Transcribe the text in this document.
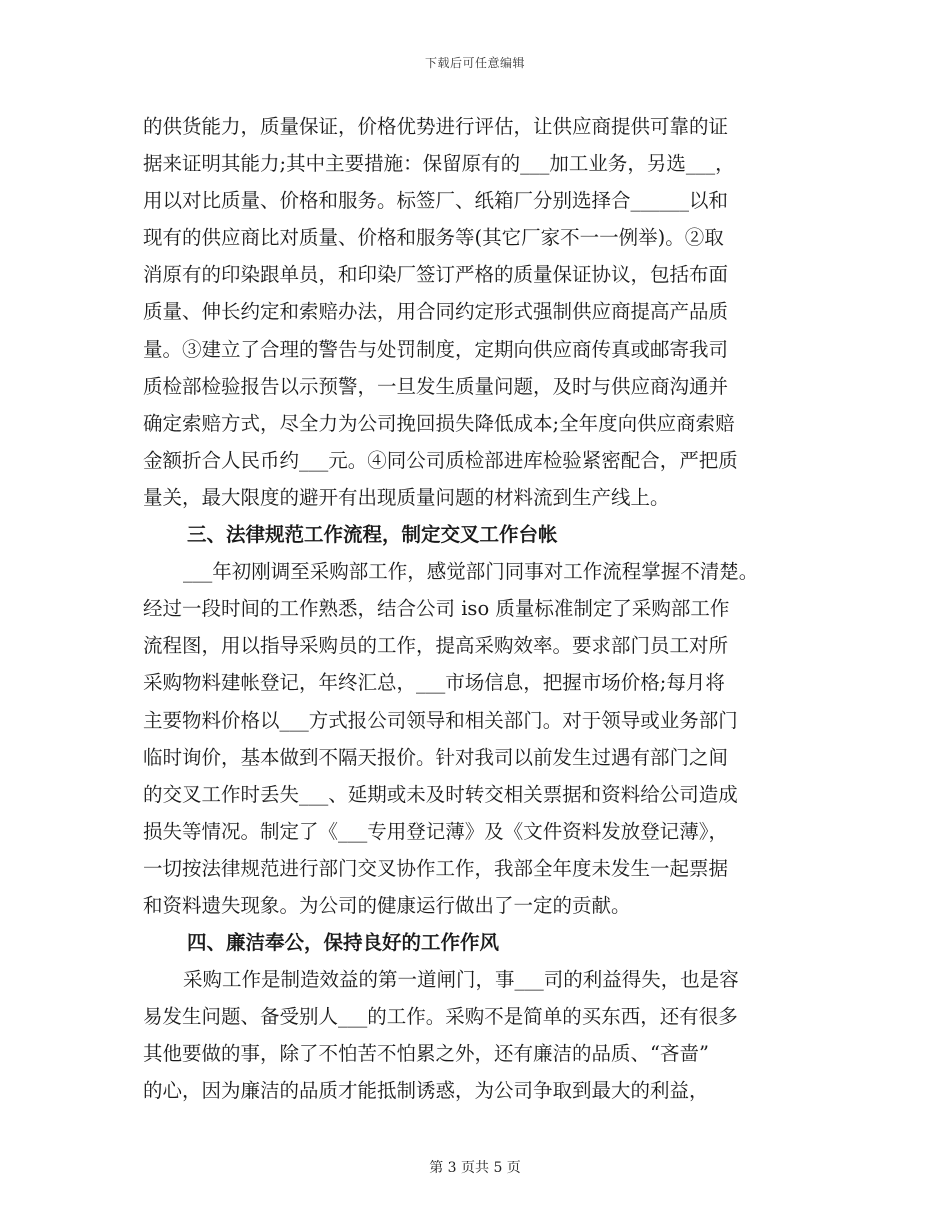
下载后可任意编辑
的供货能力，质量保证，价格优势进行评估，让供应商提供可靠的证
据来证明其能力;其中主要措施：保留原有的___加工业务，另选___，
用以对比质量、价格和服务。标签厂、纸箱厂分别选择合______以和
现有的供应商比对质量、价格和服务等(其它厂家不一一例举)。②取
消原有的印染跟单员，和印染厂签订严格的质量保证协议，包括布面
质量、伸长约定和索赔办法，用合同约定形式强制供应商提高产品质
量。③建立了合理的警告与处罚制度，定期向供应商传真或邮寄我司
质检部检验报告以示预警，一旦发生质量问题，及时与供应商沟通并
确定索赔方式，尽全力为公司挽回损失降低成本;全年度向供应商索赔
金额折合人民币约___元。④同公司质检部进库检验紧密配合，严把质
量关，最大限度的避开有出现质量问题的材料流到生产线上。
三、法律规范工作流程，制定交叉工作台帐
___年初刚调至采购部工作，感觉部门同事对工作流程掌握不清楚。
经过一段时间的工作熟悉，结合公司 iso 质量标准制定了采购部工作
流程图，用以指导采购员的工作，提高采购效率。要求部门员工对所
采购物料建帐登记，年终汇总，___市场信息，把握市场价格;每月将
主要物料价格以___方式报公司领导和相关部门。对于领导或业务部门
临时询价，基本做到不隔天报价。针对我司以前发生过遇有部门之间
的交叉工作时丢失___、延期或未及时转交相关票据和资料给公司造成
损失等情况。制定了《___专用登记薄》及《文件资料发放登记薄》，
一切按法律规范进行部门交叉协作工作，我部全年度未发生一起票据
和资料遗失现象。为公司的健康运行做出了一定的贡献。
四、廉洁奉公，保持良好的工作作风
采购工作是制造效益的第一道闸门，事___司的利益得失，也是容
易发生问题、备受别人___的工作。采购不是简单的买东西，还有很多
其他要做的事，除了不怕苦不怕累之外，还有廉洁的品质、“吝啬”
的心，因为廉洁的品质才能抵制诱惑，为公司争取到最大的利益，
第 3 页共 5 页
